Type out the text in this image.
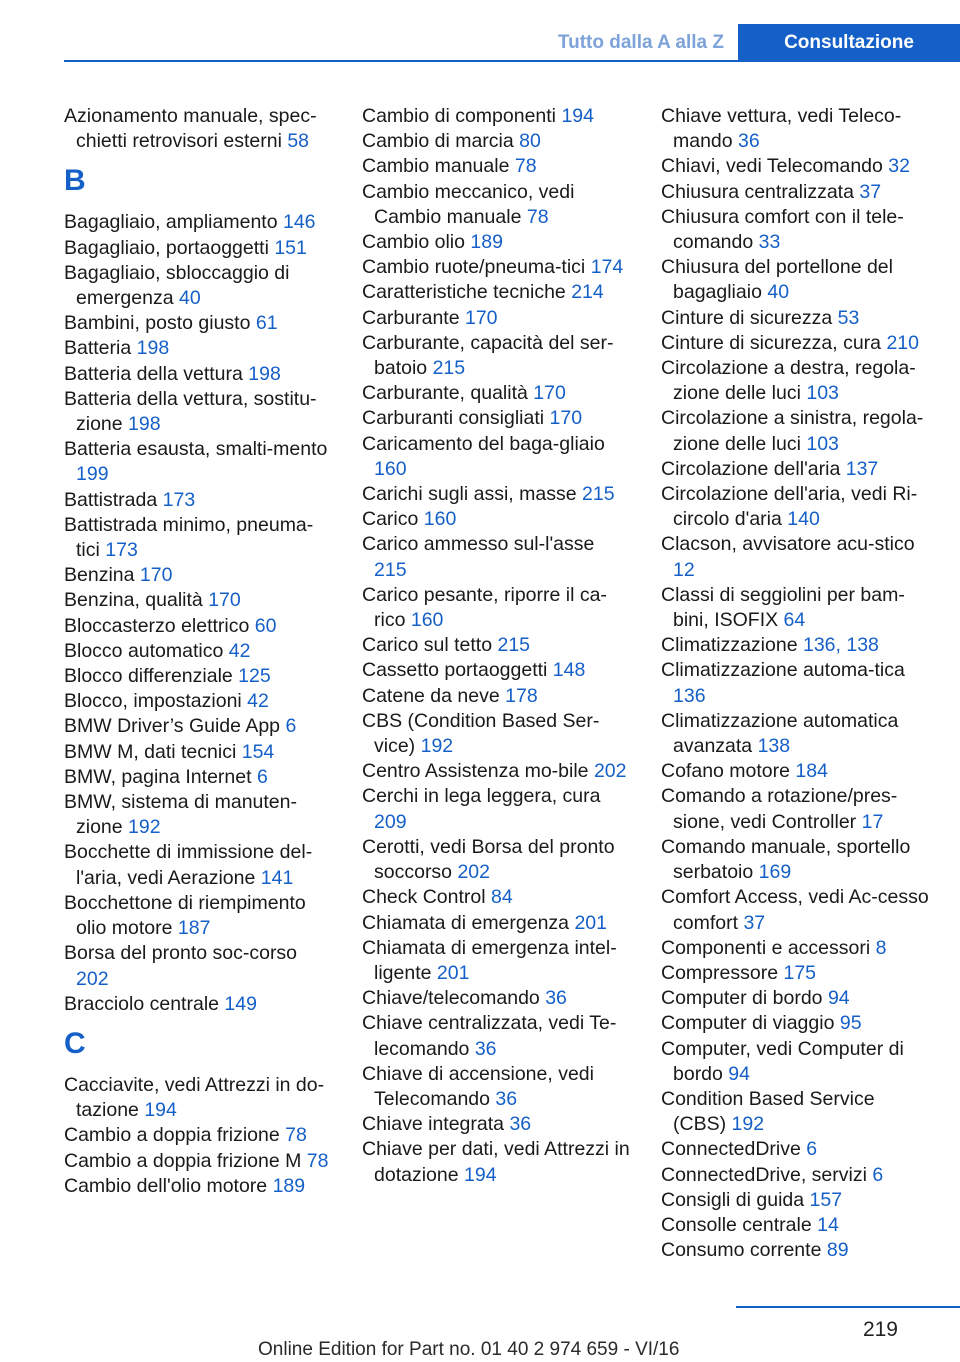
Tutto dalla A alla Z	Consultazione
Azionamento manuale, spec‐chietti retrovisori esterni 58
B
Bagagliaio, ampliamento 146
Bagagliaio, portaoggetti 151
Bagagliaio, sbloccaggio di emergenza 40
Bambini, posto giusto 61
Batteria 198
Batteria della vettura 198
Batteria della vettura, sostitu‐zione 198
Batteria esausta, smalti‐mento 199
Battistrada 173
Battistrada minimo, pneuma‐tici 173
Benzina 170
Benzina, qualità 170
Bloccasterzo elettrico 60
Blocco automatico 42
Blocco differenziale 125
Blocco, impostazioni 42
BMW Driver’s Guide App 6
BMW M, dati tecnici 154
BMW, pagina Internet 6
BMW, sistema di manuten‐zione 192
Bocchette di immissione del‐l'aria, vedi Aerazione 141
Bocchettone di riempimento olio motore 187
Borsa del pronto soc‐corso 202
Bracciolo centrale 149
C
Cacciavite, vedi Attrezzi in do‐tazione 194
Cambio a doppia frizione 78
Cambio a doppia frizione M 78
Cambio dell'olio motore 189
Cambio di componenti 194
Cambio di marcia 80
Cambio manuale 78
Cambio meccanico, vedi Cambio manuale 78
Cambio olio 189
Cambio ruote/pneuma‐tici 174
Caratteristiche tecniche 214
Carburante 170
Carburante, capacità del ser‐batoio 215
Carburante, qualità 170
Carburanti consigliati 170
Caricamento del baga‐gliaio 160
Carichi sugli assi, masse 215
Carico 160
Carico ammesso sul‐l'asse 215
Carico pesante, riporre il ca‐rico 160
Carico sul tetto 215
Cassetto portaoggetti 148
Catene da neve 178
CBS (Condition Based Ser‐vice) 192
Centro Assistenza mo‐bile 202
Cerchi in lega leggera, cura 209
Cerotti, vedi Borsa del pronto soccorso 202
Check Control 84
Chiamata di emergenza 201
Chiamata di emergenza intel‐ligente 201
Chiave/telecomando 36
Chiave centralizzata, vedi Te‐lecomando 36
Chiave di accensione, vedi Telecomando 36
Chiave integrata 36
Chiave per dati, vedi Attrezzi in dotazione 194
Chiave vettura, vedi Teleco‐mando 36
Chiavi, vedi Telecomando 32
Chiusura centralizzata 37
Chiusura comfort con il tele‐comando 33
Chiusura del portellone del bagagliaio 40
Cinture di sicurezza 53
Cinture di sicurezza, cura 210
Circolazione a destra, regola‐zione delle luci 103
Circolazione a sinistra, regola‐zione delle luci 103
Circolazione dell'aria 137
Circolazione dell'aria, vedi Ri‐circolo d'aria 140
Clacson, avvisatore acu‐stico 12
Classi di seggiolini per bam‐bini, ISOFIX 64
Climatizzazione 136, 138
Climatizzazione automa‐tica 136
Climatizzazione automatica avanzata 138
Cofano motore 184
Comando a rotazione/pres‐sione, vedi Controller 17
Comando manuale, sportello serbatoio 169
Comfort Access, vedi Ac‐cesso comfort 37
Componenti e accessori 8
Compressore 175
Computer di bordo 94
Computer di viaggio 95
Computer, vedi Computer di bordo 94
Condition Based Service (CBS) 192
ConnectedDrive 6
ConnectedDrive, servizi 6
Consigli di guida 157
Consolle centrale 14
Consumo corrente 89
219
Online Edition for Part no. 01 40 2 974 659 - VI/16
